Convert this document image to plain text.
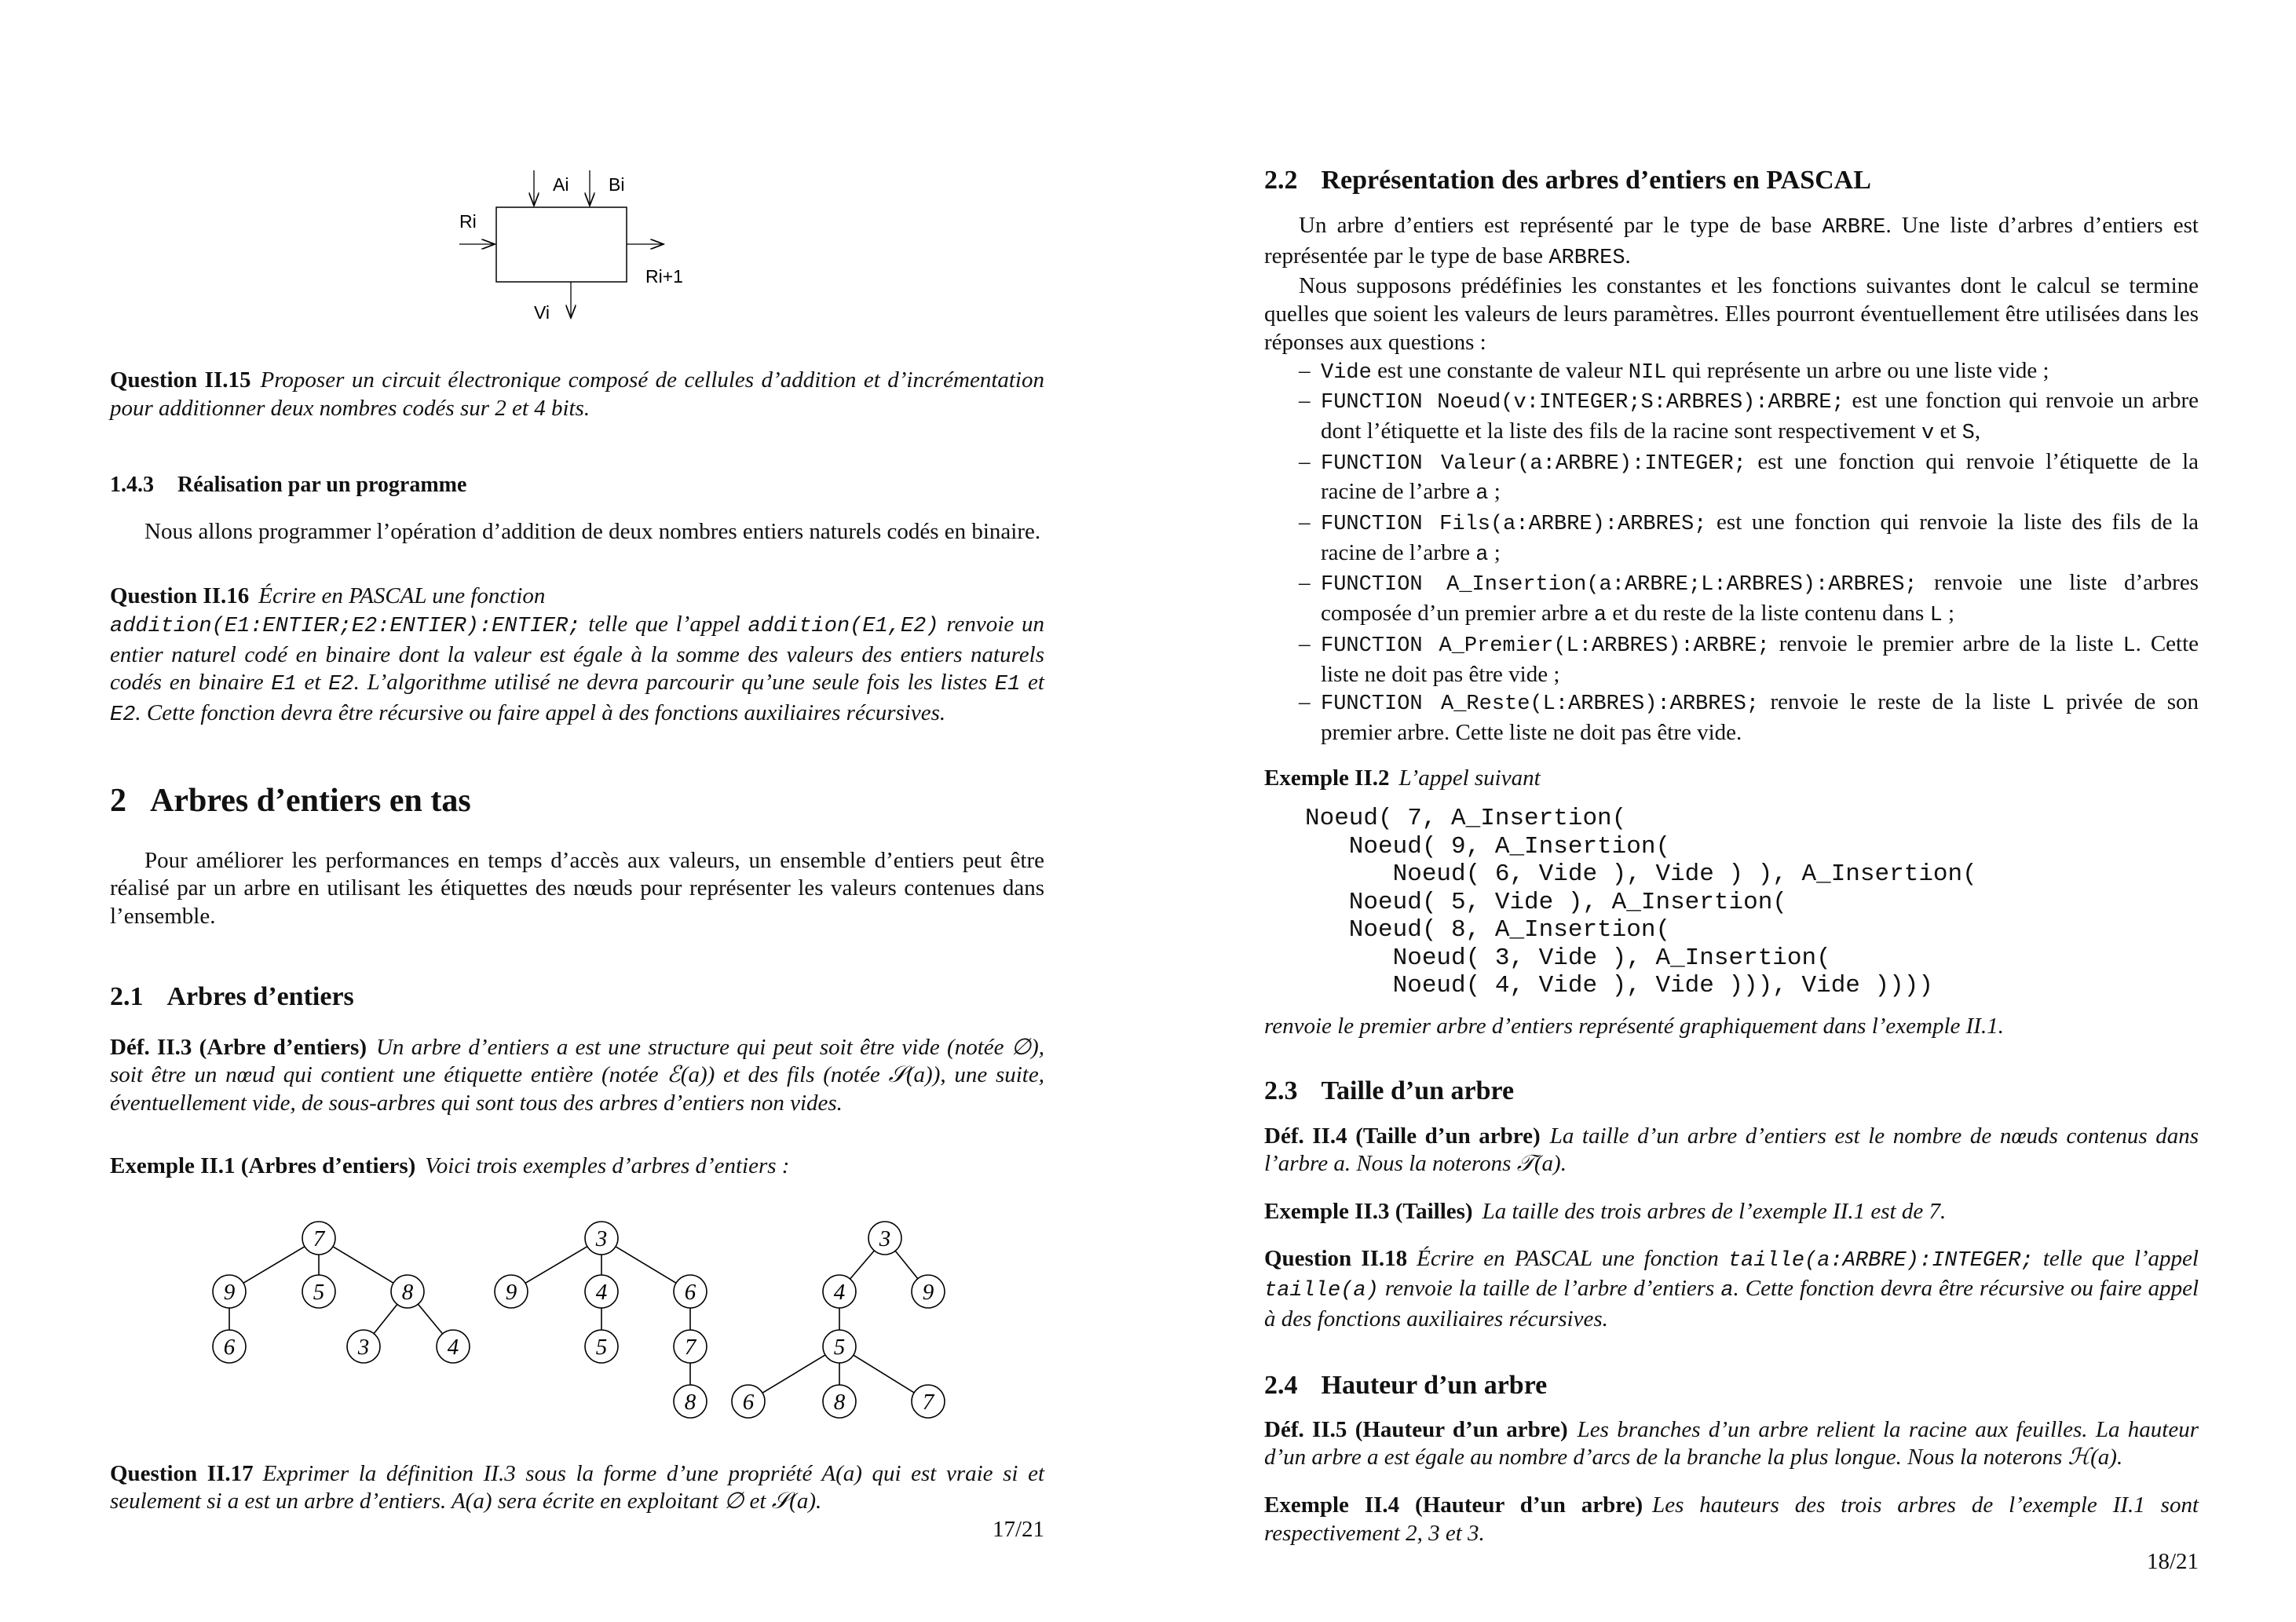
Ai Bi
Ri
Ri+1
Vi
Question II.15 Proposer un circuit électronique composé de cellules d’addition et d’incrémentation pour additionner deux nombres codés sur 2 et 4 bits.
1.4.3 Réalisation par un programme

Nous allons programmer l’opération d’addition de deux nombres entiers naturels codés en binaire.

Question II.16 Écrire en PASCAL une fonction
addition(E1:ENTIER;E2:ENTIER):ENTIER; telle que l’appel addition(E1,E2) renvoie un entier naturel codé en binaire dont la valeur est égale à la somme des valeurs des entiers naturels codés en binaire E1 et E2. L’algorithme utilisé ne devra parcourir qu’une seule fois les listes E1 et E2. Cette fonction devra être récursive ou faire appel à des fonctions auxiliaires récursives.
2 Arbres d’entiers en tas

Pour améliorer les performances en temps d’accès aux valeurs, un ensemble d’entiers peut être réalisé par un arbre en utilisant les étiquettes des nœuds pour représenter les valeurs contenues dans l’ensemble.

2.1 Arbres d’entiers
Déf. II.3 (Arbre d’entiers) Un arbre d’entiers a est une structure qui peut soit être vide (notée ∅), soit être un nœud qui contient une étiquette entière (notée ℰ(a)) et des fils (notée 𝒮(a)), une suite, éventuellement vide, de sous-arbres qui sont tous des arbres d’entiers non vides.
Exemple II.1 (Arbres d’entiers) Voici trois exemples d’arbres d’entiers :
7
9	5	8
6	3	4
3
9	4	6
5	7
8
3
4	9
5
6	8	7
Question II.17 Exprimer la définition II.3 sous la forme d’une propriété A(a) qui est vraie si et seulement si a est un arbre d’entiers. A(a) sera écrite en exploitant ∅ et 𝒮(a).
17/21
2.2 Représentation des arbres d’entiers en PASCAL
Un arbre d’entiers est représenté par le type de base ARBRE. Une liste d’arbres d’entiers est représentée par le type de base ARBRES.
Nous supposons prédéfinies les constantes et les fonctions suivantes dont le calcul se termine quelles que soient les valeurs de leurs paramètres. Elles pourront éventuellement être utilisées dans les réponses aux questions :
– Vide est une constante de valeur NIL qui représente un arbre ou une liste vide ;
– FUNCTION Noeud(v:INTEGER;S:ARBRES):ARBRE; est une fonction qui renvoie un arbre dont l’étiquette et la liste des fils de la racine sont respectivement v et S,
– FUNCTION Valeur(a:ARBRE):INTEGER; est une fonction qui renvoie l’étiquette de la racine de l’arbre a ;
– FUNCTION Fils(a:ARBRE):ARBRES; est une fonction qui renvoie la liste des fils de la racine de l’arbre a ;
– FUNCTION A_Insertion(a:ARBRE;L:ARBRES):ARBRES; renvoie une liste d’arbres composée d’un premier arbre a et du reste de la liste contenu dans L ;
– FUNCTION A_Premier(L:ARBRES):ARBRE; renvoie le premier arbre de la liste L. Cette liste ne doit pas être vide ;
– FUNCTION A_Reste(L:ARBRES):ARBRES; renvoie le reste de la liste L privée de son premier arbre. Cette liste ne doit pas être vide.
Exemple II.2 L’appel suivant
Noeud( 7, A_Insertion(
Noeud( 9, A_Insertion(
Noeud( 6, Vide ), Vide ) ), A_Insertion(
Noeud( 5, Vide ), A_Insertion(
Noeud( 8, A_Insertion(
Noeud( 3, Vide ), A_Insertion(
Noeud( 4, Vide ), Vide ))), Vide ))))
renvoie le premier arbre d’entiers représenté graphiquement dans l’exemple II.1.
2.3 Taille d’un arbre
Déf. II.4 (Taille d’un arbre) La taille d’un arbre d’entiers est le nombre de nœuds contenus dans l’arbre a. Nous la noterons 𝒯(a).
Exemple II.3 (Tailles) La taille des trois arbres de l’exemple II.1 est de 7.
Question II.18 Écrire en PASCAL une fonction taille(a:ARBRE):INTEGER; telle que l’appel taille(a) renvoie la taille de l’arbre d’entiers a. Cette fonction devra être récursive ou faire appel à des fonctions auxiliaires récursives.
2.4 Hauteur d’un arbre
Déf. II.5 (Hauteur d’un arbre) Les branches d’un arbre relient la racine aux feuilles. La hauteur d’un arbre a est égale au nombre d’arcs de la branche la plus longue. Nous la noterons ℋ(a).
Exemple II.4 (Hauteur d’un arbre) Les hauteurs des trois arbres de l’exemple II.1 sont respectivement 2, 3 et 3.
18/21
